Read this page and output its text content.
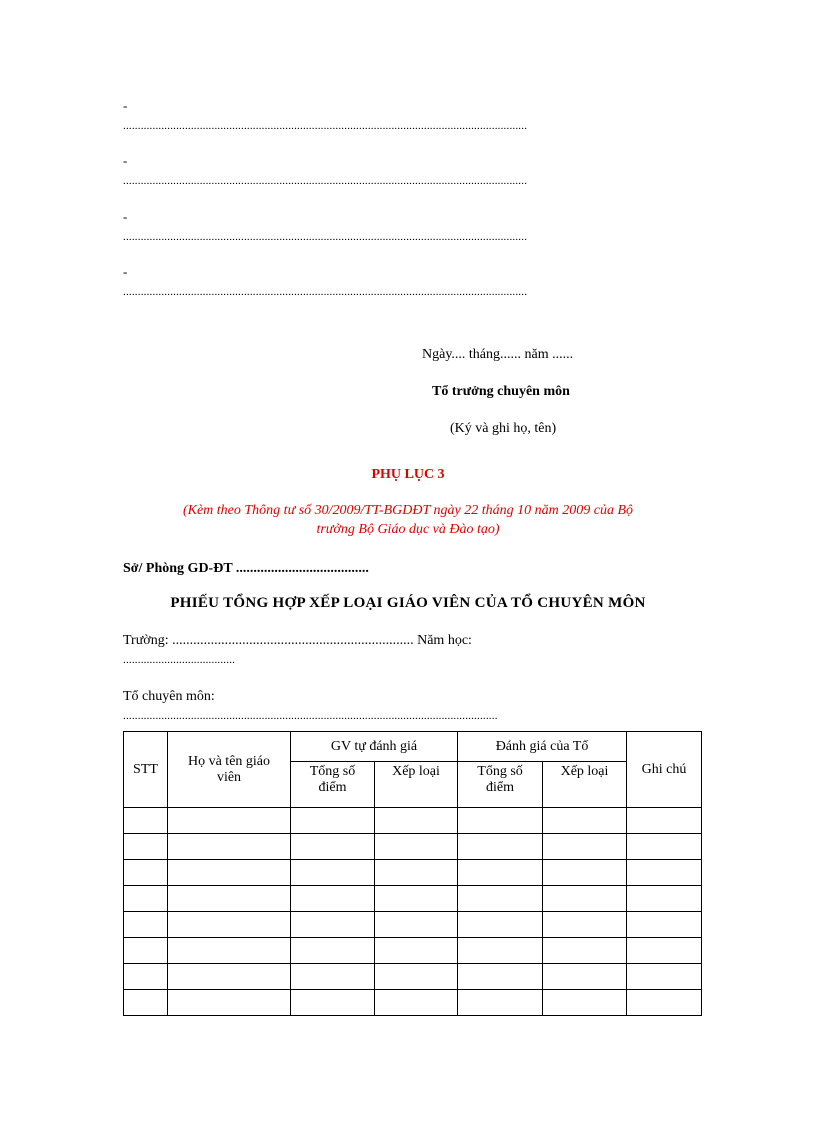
-
.........................................................................................................................................
-
.........................................................................................................................................
-
.........................................................................................................................................
-
.........................................................................................................................................
Ngày.... tháng...... năm ......
Tổ trưởng chuyên môn
(Ký và ghi họ, tên)
PHỤ LỤC 3
(Kèm theo Thông tư số 30/2009/TT-BGDĐT ngày 22 tháng 10 năm 2009 của Bộ
trưởng Bộ Giáo dục và Đào tạo)
Sở/ Phòng GD-ĐT ......................................
PHIẾU TỔNG HỢP XẾP LOẠI GIÁO VIÊN CỦA TỔ CHUYÊN MÔN
Trường: ..................................................................... Năm học:
......................................
Tổ chuyên môn:
...............................................................................................................................
STT	Họ và tên giáo viên	GV tự đánh giá		Đánh giá của Tổ		Ghi chú
		Tổng số điểm	Xếp loại	Tổng số điểm	Xếp loại	
